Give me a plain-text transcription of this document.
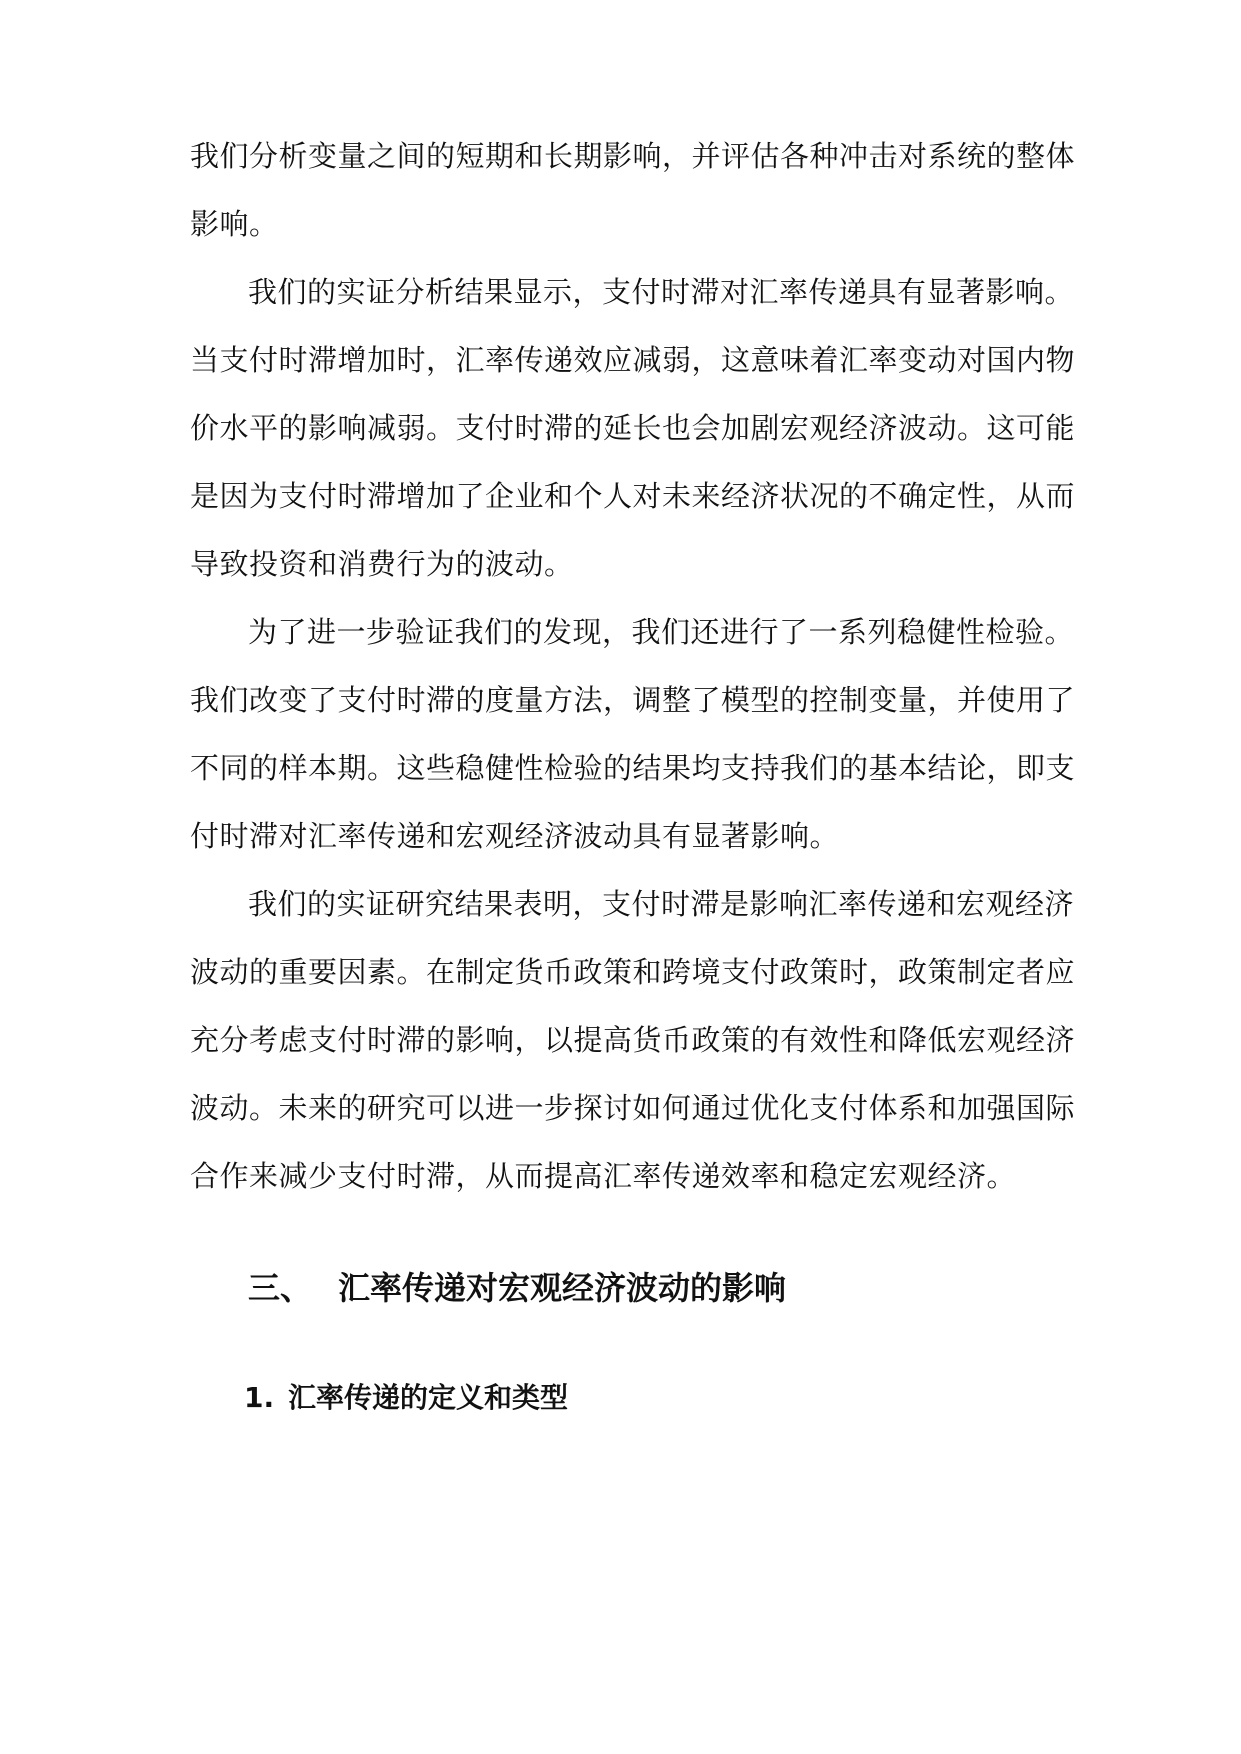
我们分析变量之间的短期和长期影响，并评估各种冲击对系统的整体
影响。
我们的实证分析结果显示，支付时滞对汇率传递具有显著影响。
当支付时滞增加时，汇率传递效应减弱，这意味着汇率变动对国内物
价水平的影响减弱。支付时滞的延长也会加剧宏观经济波动。这可能
是因为支付时滞增加了企业和个人对未来经济状况的不确定性，从而
导致投资和消费行为的波动。
为了进一步验证我们的发现，我们还进行了一系列稳健性检验。
我们改变了支付时滞的度量方法，调整了模型的控制变量，并使用了
不同的样本期。这些稳健性检验的结果均支持我们的基本结论，即支
付时滞对汇率传递和宏观经济波动具有显著影响。
我们的实证研究结果表明，支付时滞是影响汇率传递和宏观经济
波动的重要因素。在制定货币政策和跨境支付政策时，政策制定者应
充分考虑支付时滞的影响，以提高货币政策的有效性和降低宏观经济
波动。未来的研究可以进一步探讨如何通过优化支付体系和加强国际
合作来减少支付时滞，从而提高汇率传递效率和稳定宏观经济。
三、 汇率传递对宏观经济波动的影响
1. 汇率传递的定义和类型
